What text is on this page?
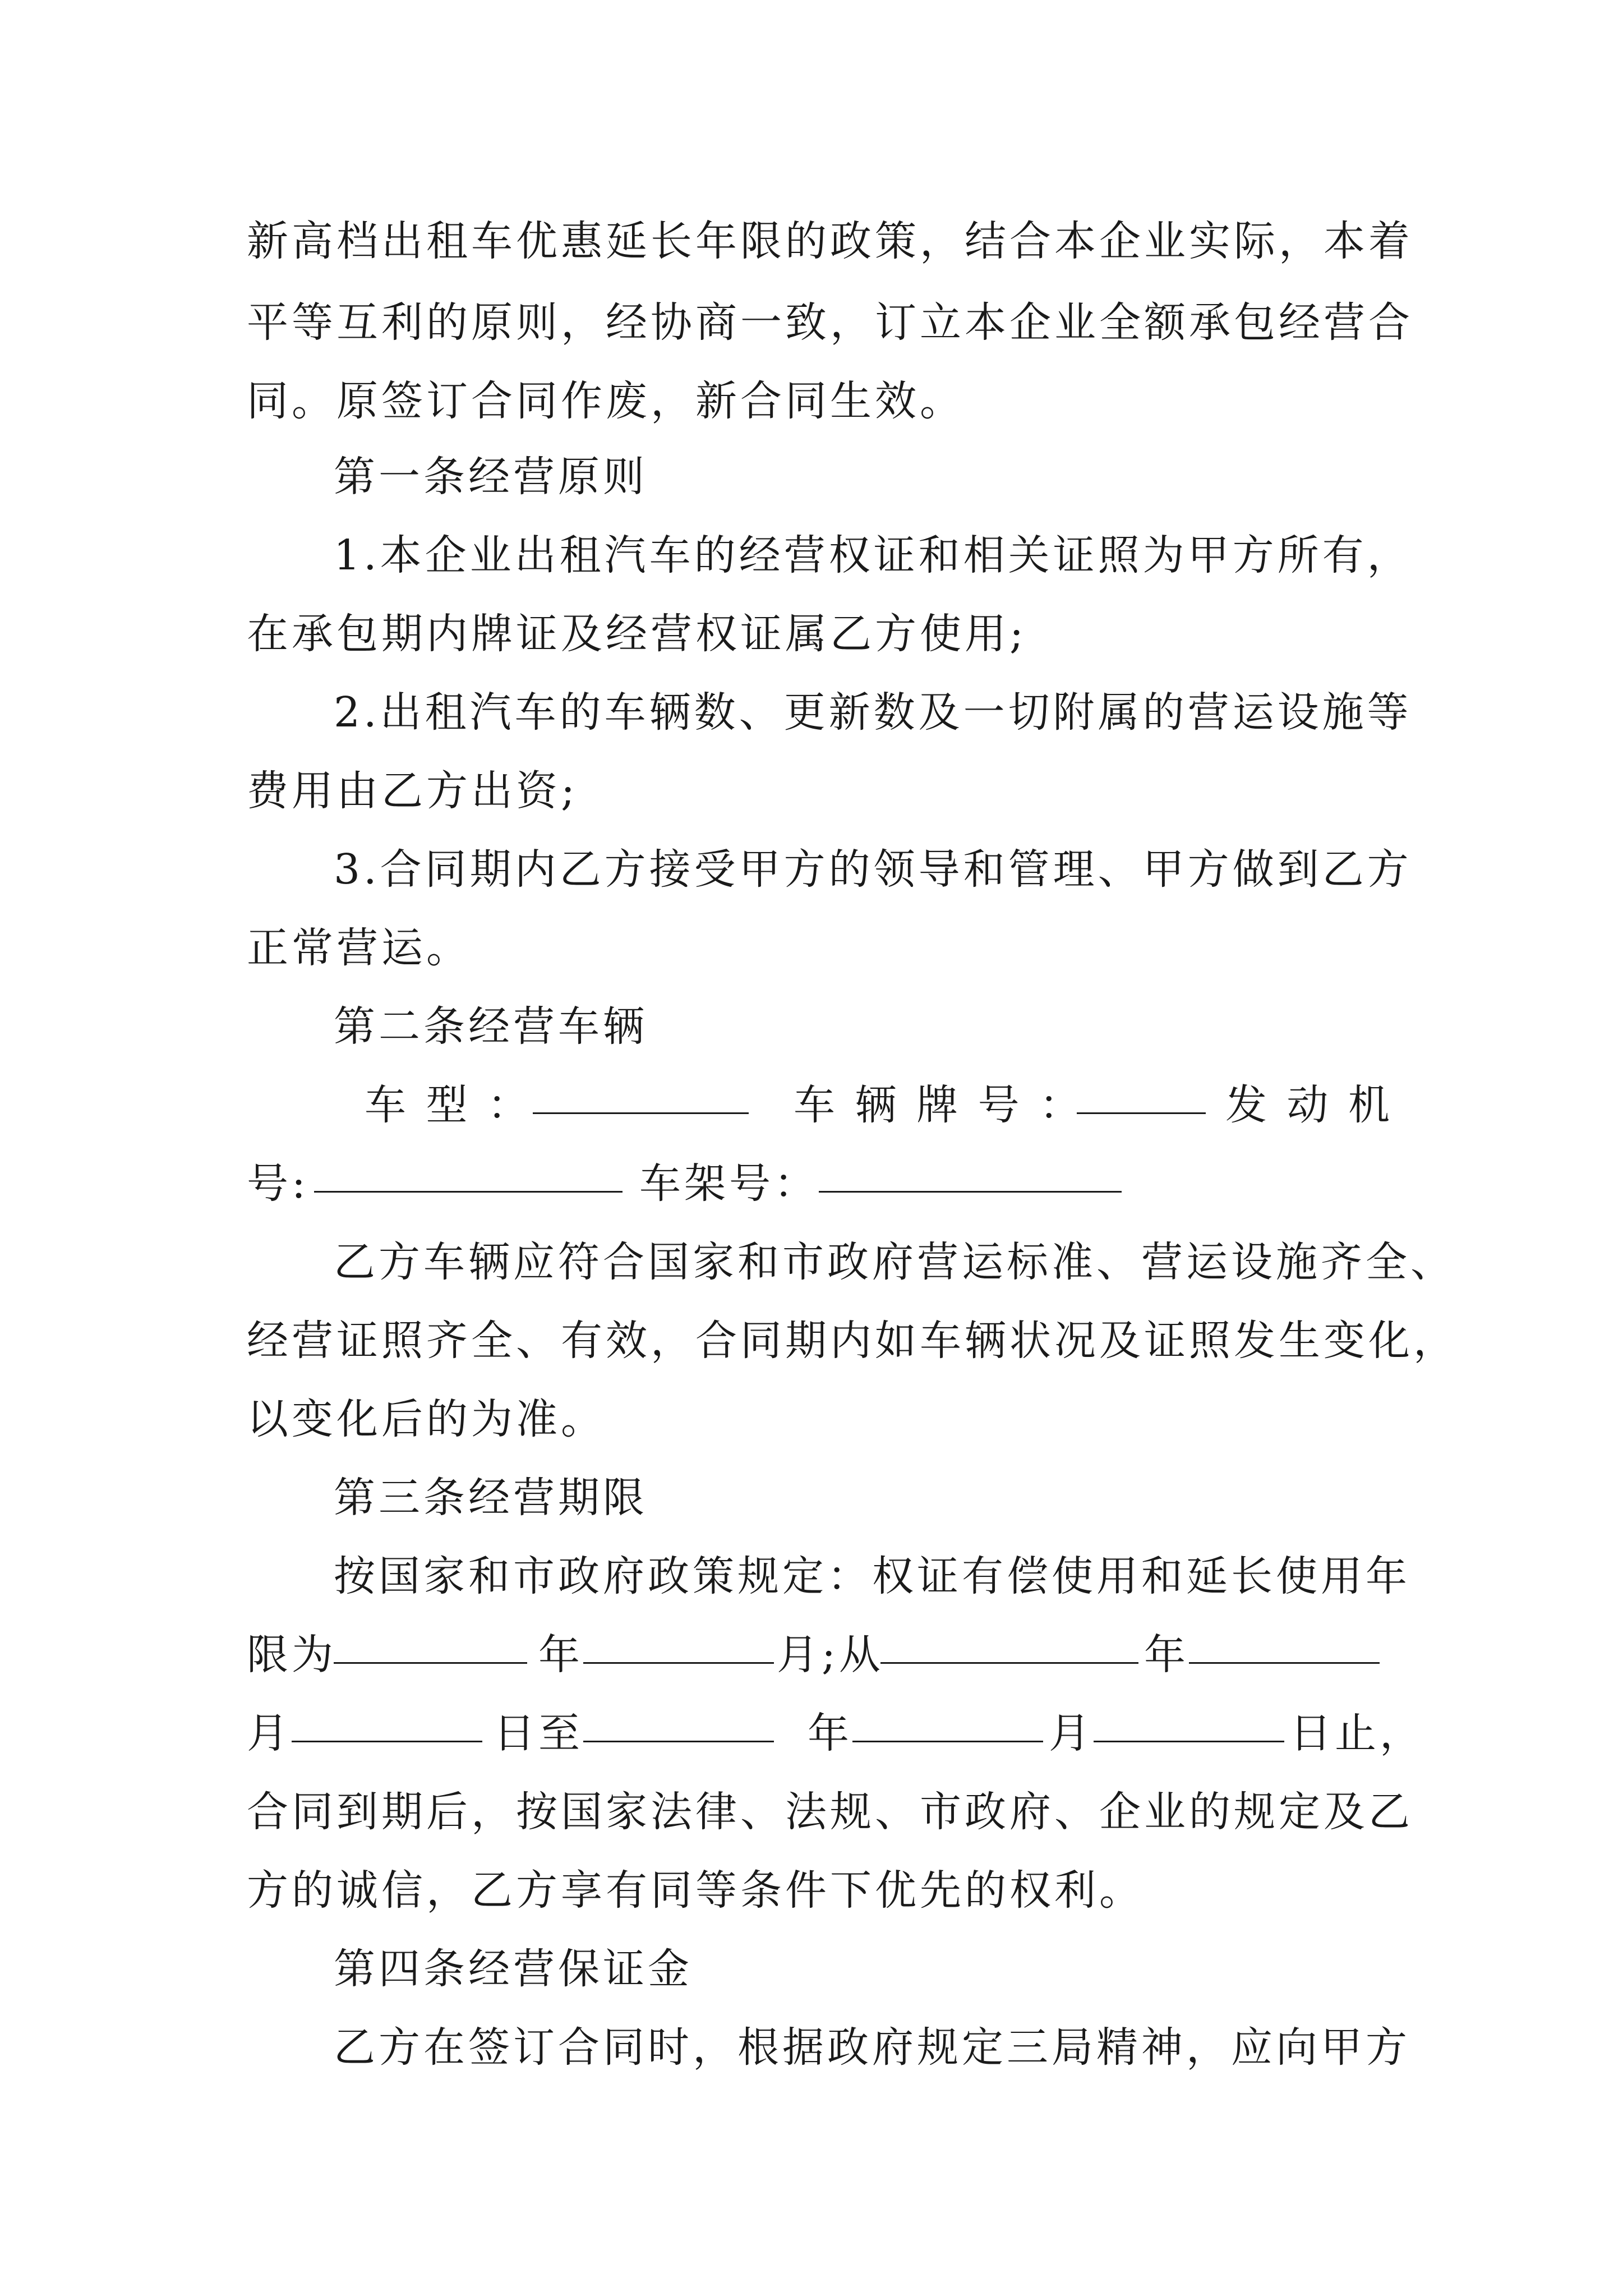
新高档出租车优惠延长年限的政策，结合本企业实际，本着
平等互利的原则，经协商一致，订立本企业全额承包经营合
同。原签订合同作废，新合同生效。
第一条经营原则
1.本企业出租汽车的经营权证和相关证照为甲方所有，
在承包期内牌证及经营权证属乙方使用;
2.出租汽车的车辆数、更新数及一切附属的营运设施等
费用由乙方出资;
3.合同期内乙方接受甲方的领导和管理、甲方做到乙方
正常营运。
第二条经营车辆
车 型 ：	车 辆 牌 号 ：	发 动 机
号:	车架号：
乙方车辆应符合国家和市政府营运标准、营运设施齐全、
经营证照齐全、有效，合同期内如车辆状况及证照发生变化，
以变化后的为准。
第三条经营期限
按国家和市政府政策规定：权证有偿使用和延长使用年
限为	年	月;从	年
月	日至	年	月	日止，
合同到期后，按国家法律、法规、市政府、企业的规定及乙
方的诚信，乙方享有同等条件下优先的权利。
第四条经营保证金
乙方在签订合同时，根据政府规定三局精神，应向甲方
